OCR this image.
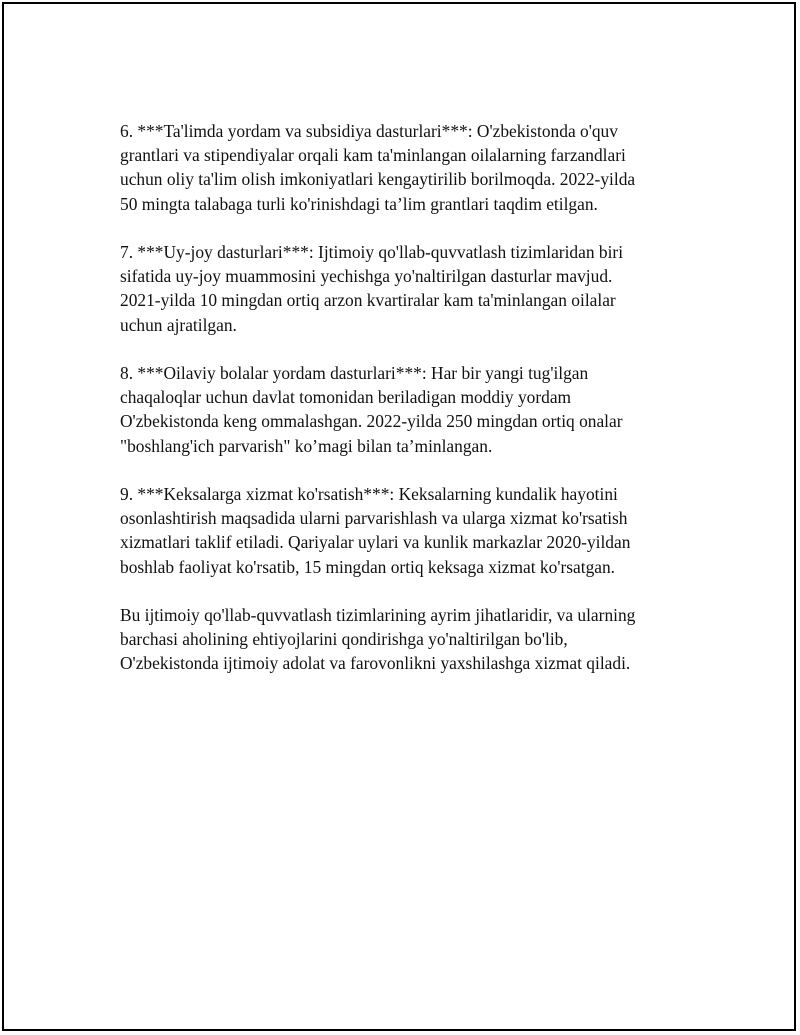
6. ***Ta'limda yordam va subsidiya dasturlari***: O'zbekistonda o'quv
grantlari va stipendiyalar orqali kam ta'minlangan oilalarning farzandlari
uchun oliy ta'lim olish imkoniyatlari kengaytirilib borilmoqda. 2022-yilda
50 mingta talabaga turli ko'rinishdagi ta’lim grantlari taqdim etilgan.

7. ***Uy-joy dasturlari***: Ijtimoiy qo'llab-quvvatlash tizimlaridan biri
sifatida uy-joy muammosini yechishga yo'naltirilgan dasturlar mavjud.
2021-yilda 10 mingdan ortiq arzon kvartiralar kam ta'minlangan oilalar
uchun ajratilgan.

8. ***Oilaviy bolalar yordam dasturlari***: Har bir yangi tug'ilgan
chaqaloqlar uchun davlat tomonidan beriladigan moddiy yordam
O'zbekistonda keng ommalashgan. 2022-yilda 250 mingdan ortiq onalar
"boshlang'ich parvarish" ko’magi bilan ta’minlangan.

9. ***Keksalarga xizmat ko'rsatish***: Keksalarning kundalik hayotini
osonlashtirish maqsadida ularni parvarishlash va ularga xizmat ko'rsatish
xizmatlari taklif etiladi. Qariyalar uylari va kunlik markazlar 2020-yildan
boshlab faoliyat ko'rsatib, 15 mingdan ortiq keksaga xizmat ko'rsatgan.

Bu ijtimoiy qo'llab-quvvatlash tizimlarining ayrim jihatlaridir, va ularning
barchasi aholining ehtiyojlarini qondirishga yo'naltirilgan bo'lib,
O'zbekistonda ijtimoiy adolat va farovonlikni yaxshilashga xizmat qiladi.
